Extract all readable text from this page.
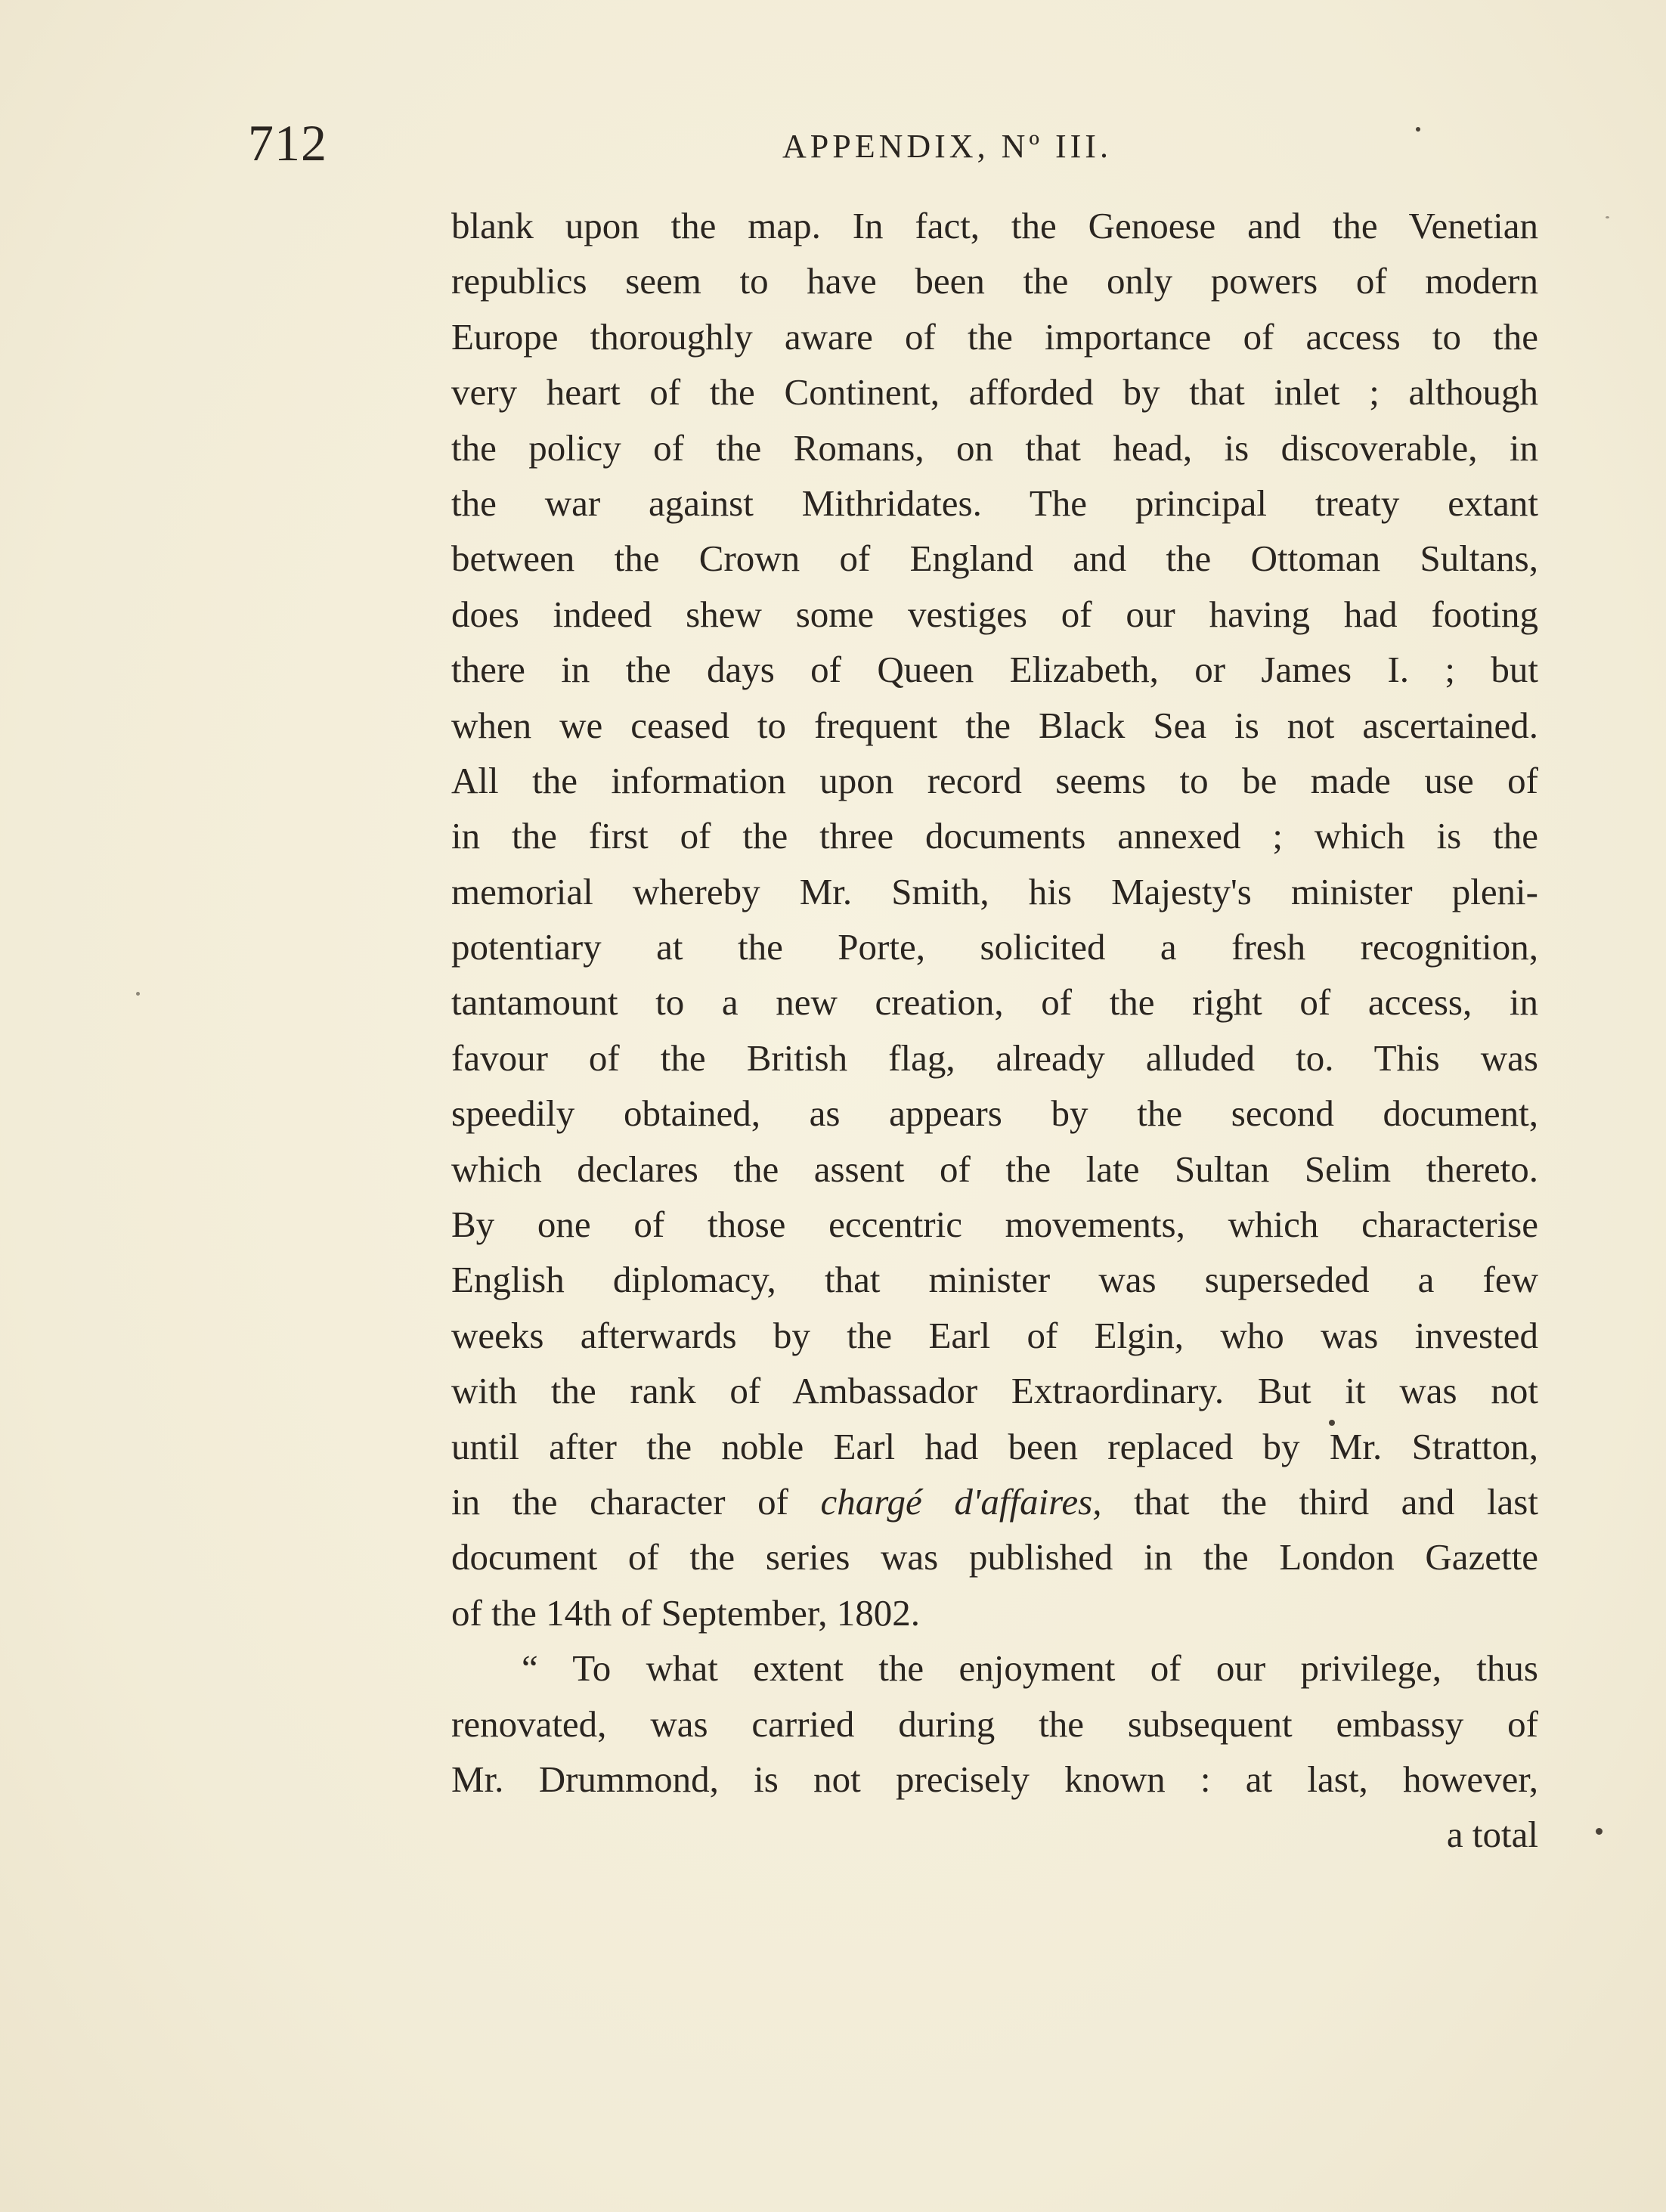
712	APPENDIX, Nº III.
blank upon the map. In fact, the Genoese and the Venetian
republics seem to have been the only powers of modern
Europe thoroughly aware of the importance of access to the
very heart of the Continent, afforded by that inlet ; although
the policy of the Romans, on that head, is discoverable, in
the war against Mithridates. The principal treaty extant
between the Crown of England and the Ottoman Sultans,
does indeed shew some vestiges of our having had footing
there in the days of Queen Elizabeth, or James I. ; but
when we ceased to frequent the Black Sea is not ascertained.
All the information upon record seems to be made use of
in the first of the three documents annexed ; which is the
memorial whereby Mr. Smith, his Majesty's minister pleni-
potentiary at the Porte, solicited a fresh recognition,
tantamount to a new creation, of the right of access, in
favour of the British flag, already alluded to. This was
speedily obtained, as appears by the second document,
which declares the assent of the late Sultan Selim thereto.
By one of those eccentric movements, which characterise
English diplomacy, that minister was superseded a few
weeks afterwards by the Earl of Elgin, who was invested
with the rank of Ambassador Extraordinary. But it was not
until after the noble Earl had been replaced by Mr. Stratton,
in the character of chargé d'affaires, that the third and last
document of the series was published in the London Gazette
of the 14th of September, 1802.
“ To what extent the enjoyment of our privilege, thus
renovated, was carried during the subsequent embassy of
Mr. Drummond, is not precisely known : at last, however,
a total
